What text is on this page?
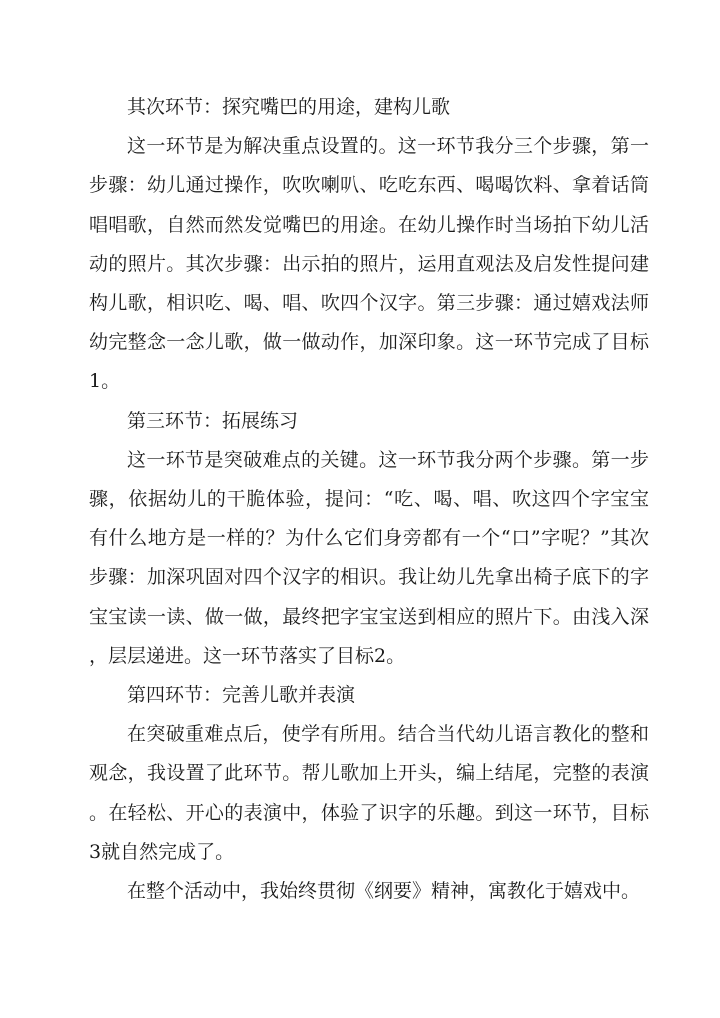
其次环节：探究嘴巴的用途，建构儿歌

这一环节是为解决重点设置的。这一环节我分三个步骤，第一步骤：幼儿通过操作，吹吹喇叭、吃吃东西、喝喝饮料、拿着话筒唱唱歌，自然而然发觉嘴巴的用途。在幼儿操作时当场拍下幼儿活动的照片。其次步骤：出示拍的照片，运用直观法及启发性提问建构儿歌，相识吃、喝、唱、吹四个汉字。第三步骤：通过嬉戏法师幼完整念一念儿歌，做一做动作，加深印象。这一环节完成了目标1。

第三环节：拓展练习

这一环节是突破难点的关键。这一环节我分两个步骤。第一步骤，依据幼儿的干脆体验，提问：“吃、喝、唱、吹这四个字宝宝有什么地方是一样的？为什么它们身旁都有一个“口”字呢？”其次步骤：加深巩固对四个汉字的相识。我让幼儿先拿出椅子底下的字宝宝读一读、做一做，最终把字宝宝送到相应的照片下。由浅入深，层层递进。这一环节落实了目标2。

第四环节：完善儿歌并表演

在突破重难点后，使学有所用。结合当代幼儿语言教化的整和观念，我设置了此环节。帮儿歌加上开头，编上结尾，完整的表演。在轻松、开心的表演中，体验了识字的乐趣。到这一环节，目标3就自然完成了。

在整个活动中，我始终贯彻《纲要》精神，寓教化于嬉戏中。
